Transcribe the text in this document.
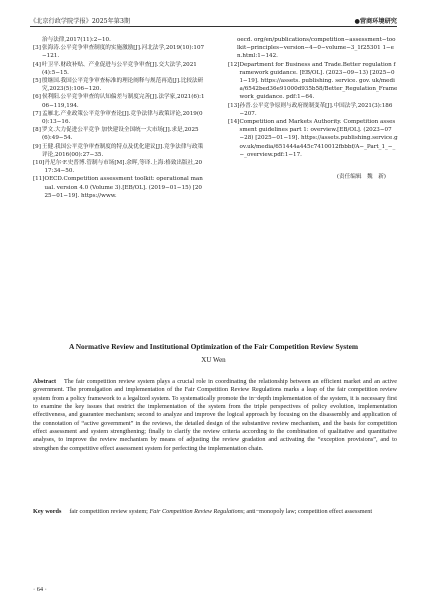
《北京行政学院学报》2025年第3期	●营商环境研究
治与法律,2017(11):2−10.
[3] 张海涛.公平竞争审查制度的实施激励[J].河北法学,2019(10):107−121.
[4] 叶卫平.财政补贴、产业促进与公平竞争审查[J].交大法学,2021(4):5−15.
[5] 殷继国.我国公平竞争审查标准的理论阐释与规范再造[J].比较法研究,2023(5):106−120.
[6] 侯利阳.公平竞争审查的认知偏差与制度完善[J].法学家,2021(6):106−119,194.
[7] 孟雁北.产业政策公平竞争审查论[J].竞争法律与政策评论,2019(00):13−16.
[8] 罗文.大力促进公平竞争 加快建设全国统一大市场[J].求是,2025(6):49−54.
[9] 王健.我国公平竞争审查制度的特点及优化建议[J].竞争法律与政策评论,2016(00):27−35.
[10] 丹尼尔·F.史普博.管制与市场[M].余晖,等译.上海:格致出版社,2017:34−50.
[11] OECD.Competition assessment toolkit: operational manual. version 4.0 (Volume 3).[EB/OL]. (2019−01−15) [2025−01−19]. https://www.
oecd. org/en/publications/competition−assessment−too lkit−principles−version−4−0−volume−3_1f25301 1−en.html:1−142.
[12] Department for Business and Trade.Better regulation framework guidance. [EB/OL]. (2023−09−13) [2025−01−19]. https://assets. publishing. service. gov. uk/media/6542bed36e91000d935b58/Better_Regulation_Framework_guidance. pdf:1−64.
[13] 孙晋.公平竞争原则与政府规制变革[J].中国法学,2021(3):186−207.
[14] Competition and Markets Authority. Competition assessment guidelines part 1: overview.[EB/OL]. (2023−07−28) [2025−01−19]. https://assets.publishing.service.gov.uk/media/651444a445c7410012fbbbf/A−_Part_1_−_−_overview.pdf:1−17.
(责任编辑　魏　新)
A Normative Review and Institutional Optimization of the Fair Competition Review System
XU Wen
Abstract The fair competition review system plays a crucial role in coordinating the relationship between an efficient market and an active government. The promulgation and implementation of the Fair Competition Review Regulations marks a leap of the fair competition review system from a policy framework to a legalized system. To systematically promote the in−depth implementation of the system, it is necessary first to examine the key issues that restrict the implementation of the system from the triple perspectives of policy evolution, implementation effectiveness, and guarantee mechanism; second to analyze and improve the logical approach by focusing on the disassembly and application of the connotation of “active government” in the reviews, the detailed design of the substantive review mechanism, and the basis for competition effect assessment and system strengthening; finally to clarify the review criteria according to the combination of qualitative and quantitative analyses, to improve the review mechanism by means of adjusting the review gradation and activating the “exception provisions”, and to strengthen the competitive effect assessment system for perfecting the implementation chain.
Key words fair competition review system; Fair Competition Review Regulations; anti−monopoly law; competition effect assessment
· 64 ·
